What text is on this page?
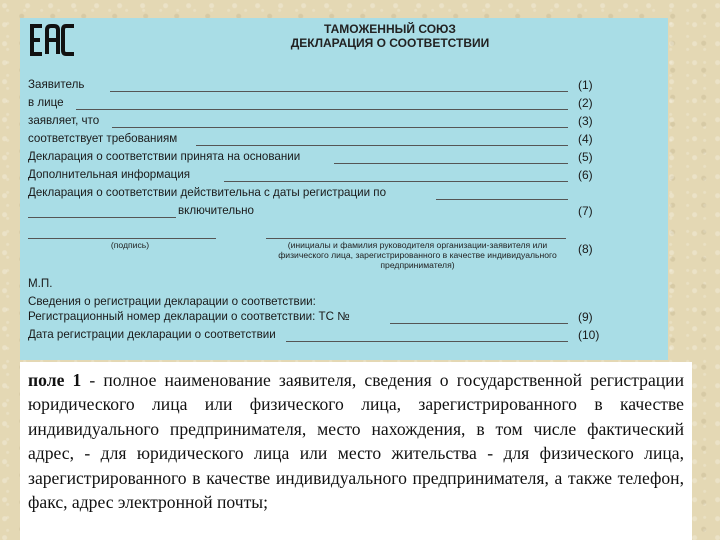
ТАМОЖЕННЫЙ СОЮЗ
ДЕКЛАРАЦИЯ О СООТВЕТСТВИИ
Заявитель	(1)
в лице	(2)
заявляет, что	(3)
соответствует требованиям	(4)
Декларация о соответствии принята на основании	(5)
Дополнительная информация	(6)
Декларация о соответствии действительна с даты регистрации по
включительно	(7)
(подпись)	(инициалы и фамилия руководителя организации-заявителя или физического лица, зарегистрированного в качестве индивидуального предпринимателя)
(8)
М.П.
Сведения о регистрации декларации о соответствии:
Регистрационный номер декларации о соответствии: ТС №	(9)
Дата регистрации декларации о соответствии	(10)

поле 1 - полное наименование заявителя, сведения о государственной регистрации юридического лица или физического лица, зарегистрированного в качестве индивидуального предпринимателя, место нахождения, в том числе фактический адрес, - для юридического лица или место жительства - для физического лица, зарегистрированного в качестве индивидуального предпринимателя, а также телефон, факс, адрес электронной почты;
